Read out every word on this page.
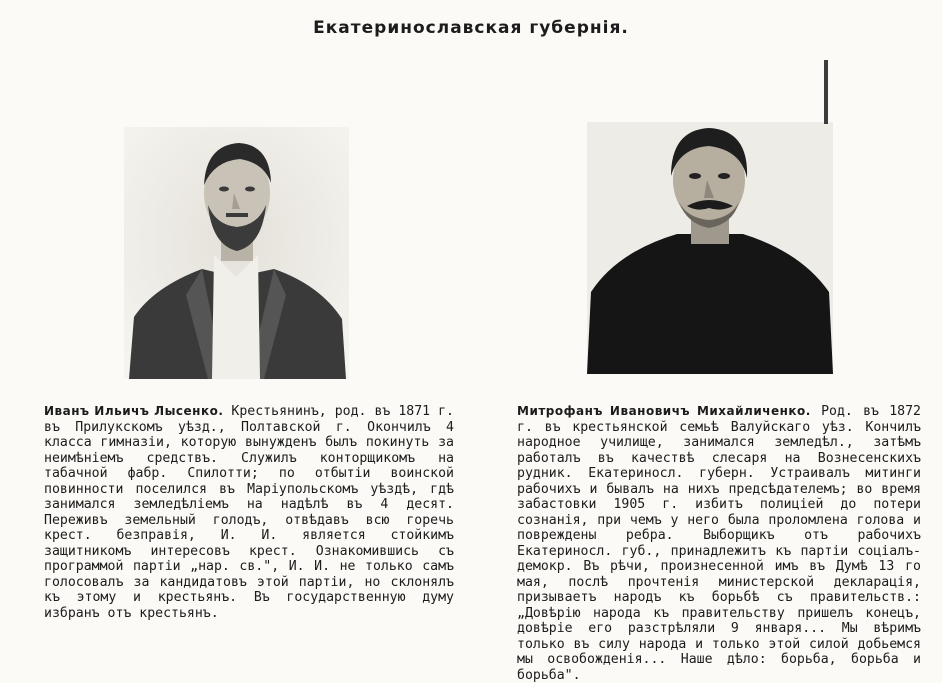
Екатеринославская губернія.

Иванъ Ильичъ Лысенко. Крестьянинъ, род. въ 1871 г. въ Прилукскомъ уѣзд., Полтавской г. Окончилъ 4 класса гимназіи, которую вынужденъ былъ покинуть за неимѣніемъ средствъ. Служилъ конторщикомъ на табачной фабр. Спилотти; по отбытіи воинской повинности поселился въ Маріупольскомъ уѣздѣ, гдѣ занимался земледѣліемъ на надѣлѣ въ 4 десят. Переживъ земельный голодъ, отвѣдавъ всю горечь крест. безправія, И. И. является стойкимъ защитникомъ интересовъ крест. Ознакомившись съ программой партіи „нар. св.", И. И. не только самъ голосовалъ за кандидатовъ этой партіи, но склонялъ къ этому и крестьянъ. Въ государственную думу избранъ отъ крестьянъ.

Митрофанъ Ивановичъ Михайличенко. Род. въ 1872 г. въ крестьянской семьѣ Валуйскаго уѣз. Кончилъ народное училище, занимался земледѣл., затѣмъ работалъ въ качествѣ слесаря на Вознесенскихъ рудник. Екатериносл. губерн. Устраивалъ митинги рабочихъ и бывалъ на нихъ предсѣдателемъ; во время забастовки 1905 г. избитъ полиціей до потери сознанія, при чемъ у него была проломлена голова и повреждены ребра. Выборщикъ отъ рабочихъ Екатериносл. губ., принадлежитъ къ партіи соціалъ-демокр. Въ рѣчи, произнесенной имъ въ Думѣ 13 го мая, послѣ прочтенія министерской декларація, призываетъ народъ къ борьбѣ съ правительств.: „Довѣрію народа къ правительству пришелъ конецъ, довѣріе его разстрѣляли 9 января... Мы вѣримъ только въ силу народа и только этой силой добьемся мы освобожденія... Наше дѣло: борьба, борьба и борьба".
